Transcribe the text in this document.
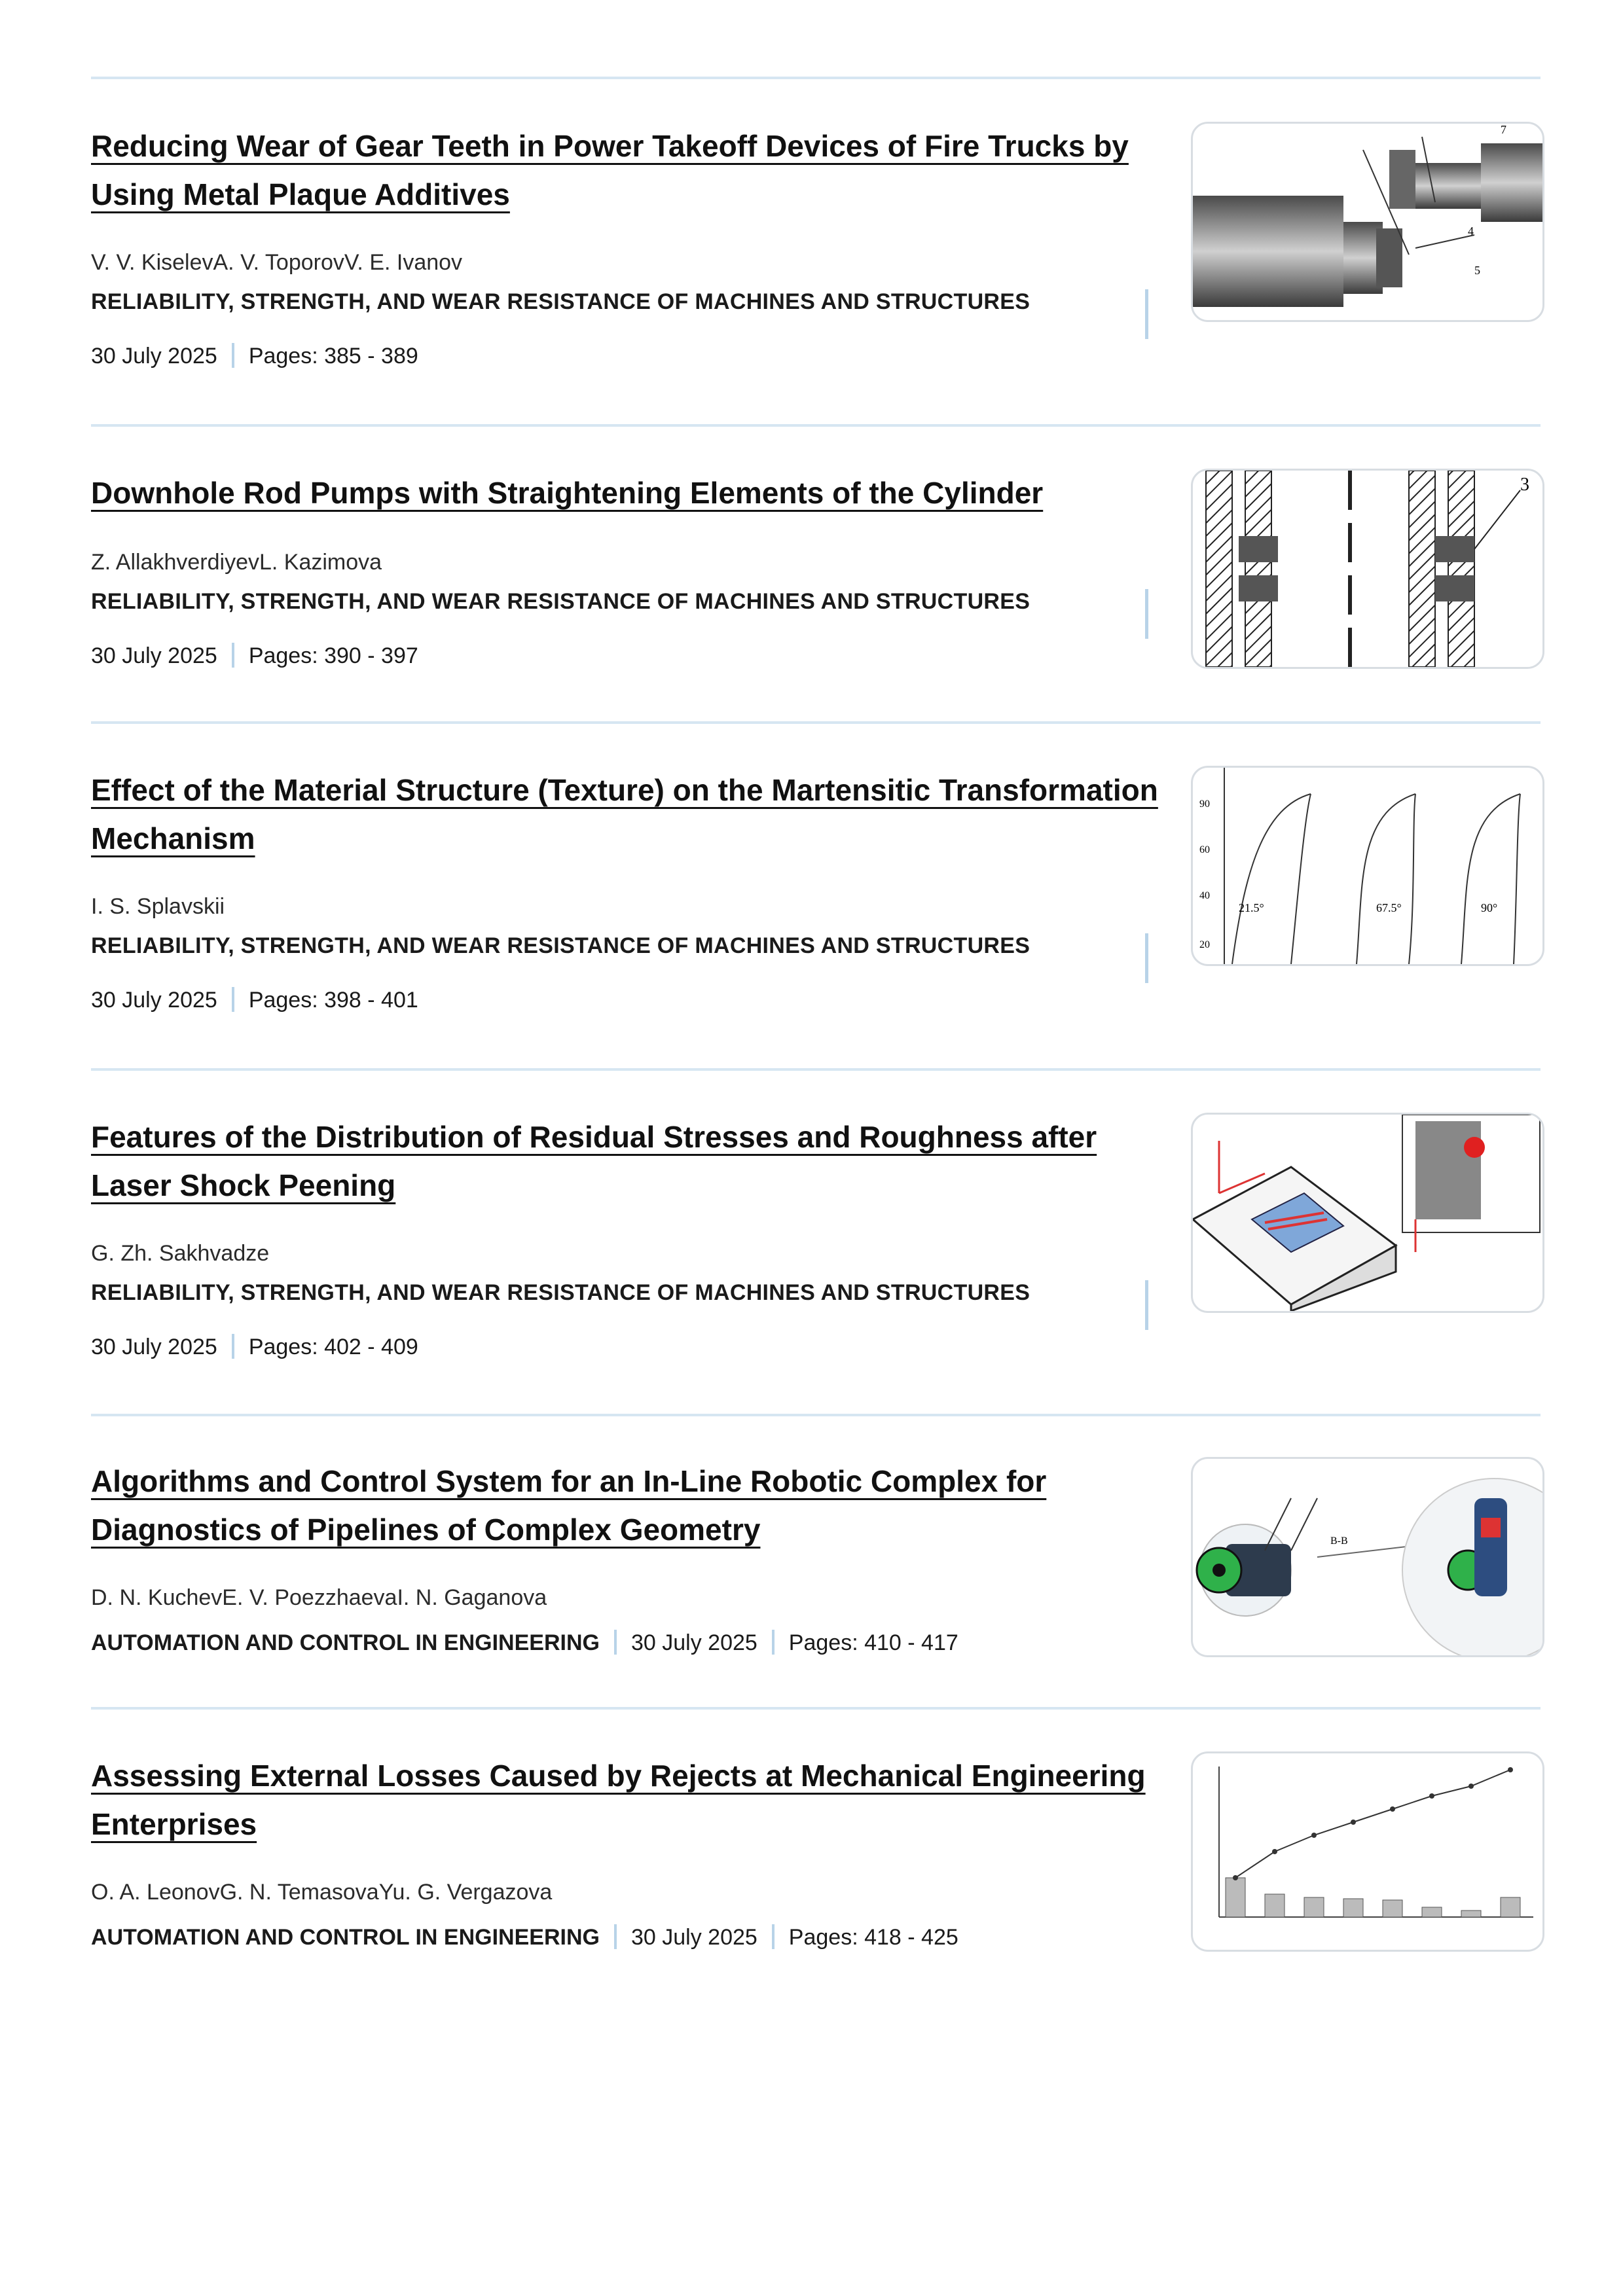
Reducing Wear of Gear Teeth in Power Takeoff Devices of Fire Trucks by Using Metal Plaque Additives
V. V. KiselevA. V. ToporovV. E. Ivanov
RELIABILITY, STRENGTH, AND WEAR RESISTANCE OF MACHINES AND STRUCTURES
30 July 2025 Pages: 385 - 389
4
5
7
Downhole Rod Pumps with Straightening Elements of the Cylinder
Z. AllakhverdiyevL. Kazimova
RELIABILITY, STRENGTH, AND WEAR RESISTANCE OF MACHINES AND STRUCTURES
30 July 2025 Pages: 390 - 397
3
Effect of the Material Structure (Texture) on the Martensitic Transformation Mechanism
I. S. Splavskii
RELIABILITY, STRENGTH, AND WEAR RESISTANCE OF MACHINES AND STRUCTURES
30 July 2025 Pages: 398 - 401
90
60
40
20
21.5°	67.5°	90°
Features of the Distribution of Residual Stresses and Roughness after Laser Shock Peening
G. Zh. Sakhvadze
RELIABILITY, STRENGTH, AND WEAR RESISTANCE OF MACHINES AND STRUCTURES
30 July 2025 Pages: 402 - 409
Algorithms and Control System for an In-Line Robotic Complex for Diagnostics of Pipelines of Complex Geometry
D. N. KuchevE. V. PoezzhaevaI. N. Gaganova
AUTOMATION AND CONTROL IN ENGINEERING 30 July 2025 Pages: 410 - 417
B-B
Assessing External Losses Caused by Rejects at Mechanical Engineering Enterprises
O. A. LeonovG. N. TemasovaYu. G. Vergazova
AUTOMATION AND CONTROL IN ENGINEERING 30 July 2025 Pages: 418 - 425
